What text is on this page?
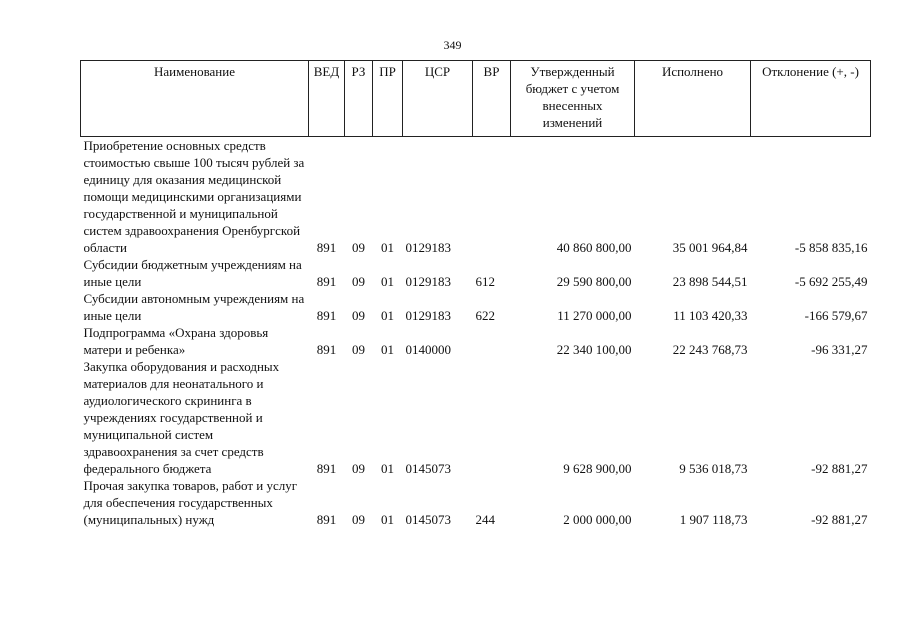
349
Наименование	ВЕД	РЗ	ПР	ЦСР	ВР	Утвержденный бюджет с учетом внесенных изменений	Исполнено	Отклонение (+, -)
Приобретение основных средств стоимостью свыше 100 тысяч рублей за единицу для оказания медицинской помощи медицинскими организациями государственной и муниципальной систем здравоохранения Оренбургской области	891	09	01	0129183		40 860 800,00	35 001 964,84	-5 858 835,16
Субсидии бюджетным учреждениям на иные цели	891	09	01	0129183	612	29 590 800,00	23 898 544,51	-5 692 255,49
Субсидии автономным учреждениям на иные цели	891	09	01	0129183	622	11 270 000,00	11 103 420,33	-166 579,67
Подпрограмма «Охрана здоровья матери и ребенка»	891	09	01	0140000		22 340 100,00	22 243 768,73	-96 331,27
Закупка оборудования и расходных материалов для неонатального и аудиологического скрининга в учреждениях государственной и муниципальной систем здравоохранения за счет средств федерального бюджета	891	09	01	0145073		9 628 900,00	9 536 018,73	-92 881,27
Прочая закупка товаров, работ и услуг для обеспечения государственных (муниципальных) нужд	891	09	01	0145073	244	2 000 000,00	1 907 118,73	-92 881,27
